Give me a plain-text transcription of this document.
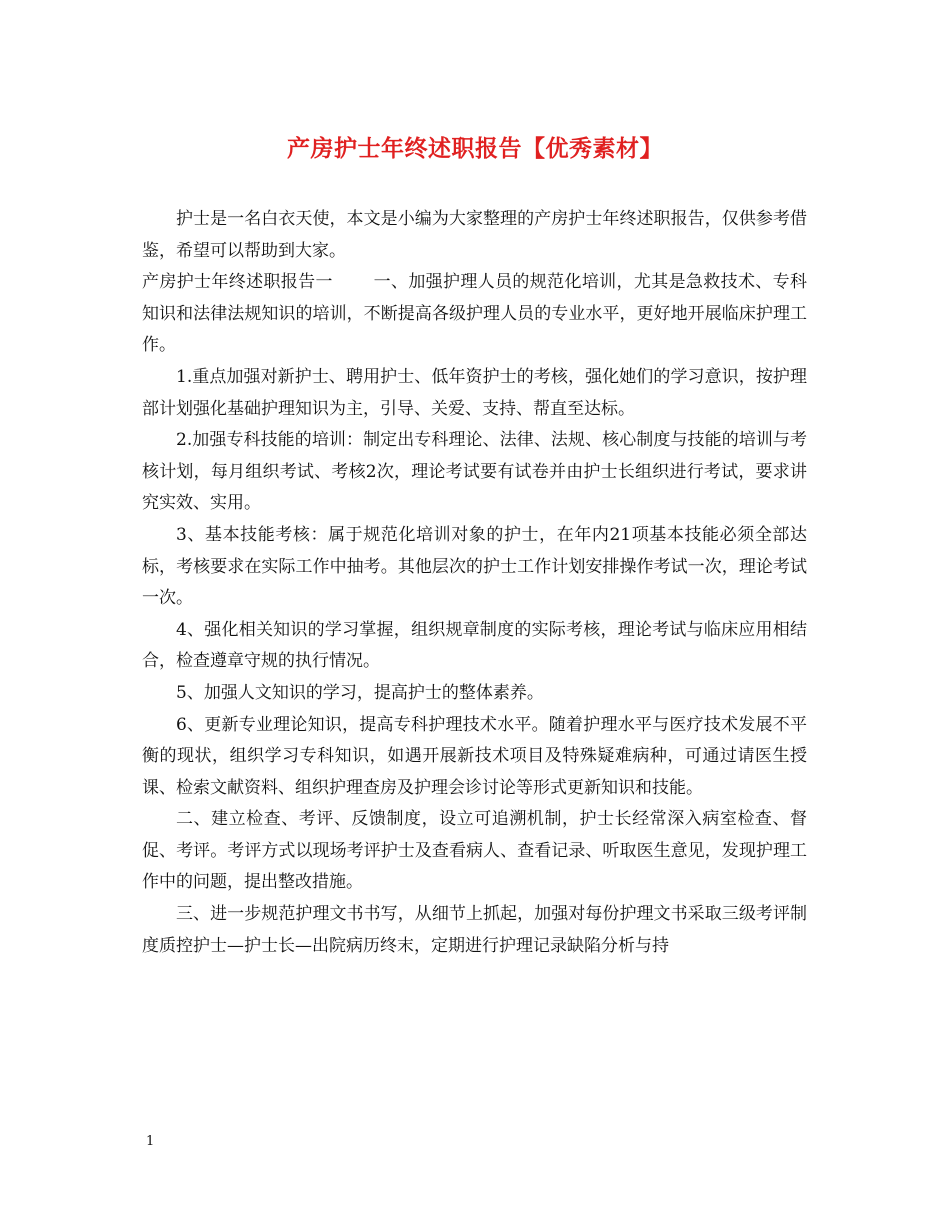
产房护士年终述职报告【优秀素材】

护士是一名白衣天使，本文是小编为大家整理的产房护士年终述职报告，仅供参考借鉴，希望可以帮助到大家。

产房护士年终述职报告一 一、加强护理人员的规范化培训，尤其是急救技术、专科知识和法律法规知识的培训，不断提高各级护理人员的专业水平，更好地开展临床护理工作。

1.重点加强对新护士、聘用护士、低年资护士的考核，强化她们的学习意识，按护理部计划强化基础护理知识为主，引导、关爱、支持、帮直至达标。

2.加强专科技能的培训：制定出专科理论、法律、法规、核心制度与技能的培训与考核计划，每月组织考试、考核2次，理论考试要有试卷并由护士长组织进行考试，要求讲究实效、实用。

3、基本技能考核：属于规范化培训对象的护士，在年内21项基本技能必须全部达标，考核要求在实际工作中抽考。其他层次的护士工作计划安排操作考试一次，理论考试一次。

4、强化相关知识的学习掌握，组织规章制度的实际考核，理论考试与临床应用相结合，检查遵章守规的执行情况。

5、加强人文知识的学习，提高护士的整体素养。

6、更新专业理论知识，提高专科护理技术水平。随着护理水平与医疗技术发展不平衡的现状，组织学习专科知识，如遇开展新技术项目及特殊疑难病种，可通过请医生授课、检索文献资料、组织护理查房及护理会诊讨论等形式更新知识和技能。

二、建立检查、考评、反馈制度，设立可追溯机制，护士长经常深入病室检查、督促、考评。考评方式以现场考评护士及查看病人、查看记录、听取医生意见，发现护理工作中的问题，提出整改措施。

三、进一步规范护理文书书写，从细节上抓起，加强对每份护理文书采取三级考评制度质控护士—护士长—出院病历终末，定期进行护理记录缺陷分析与持

1
